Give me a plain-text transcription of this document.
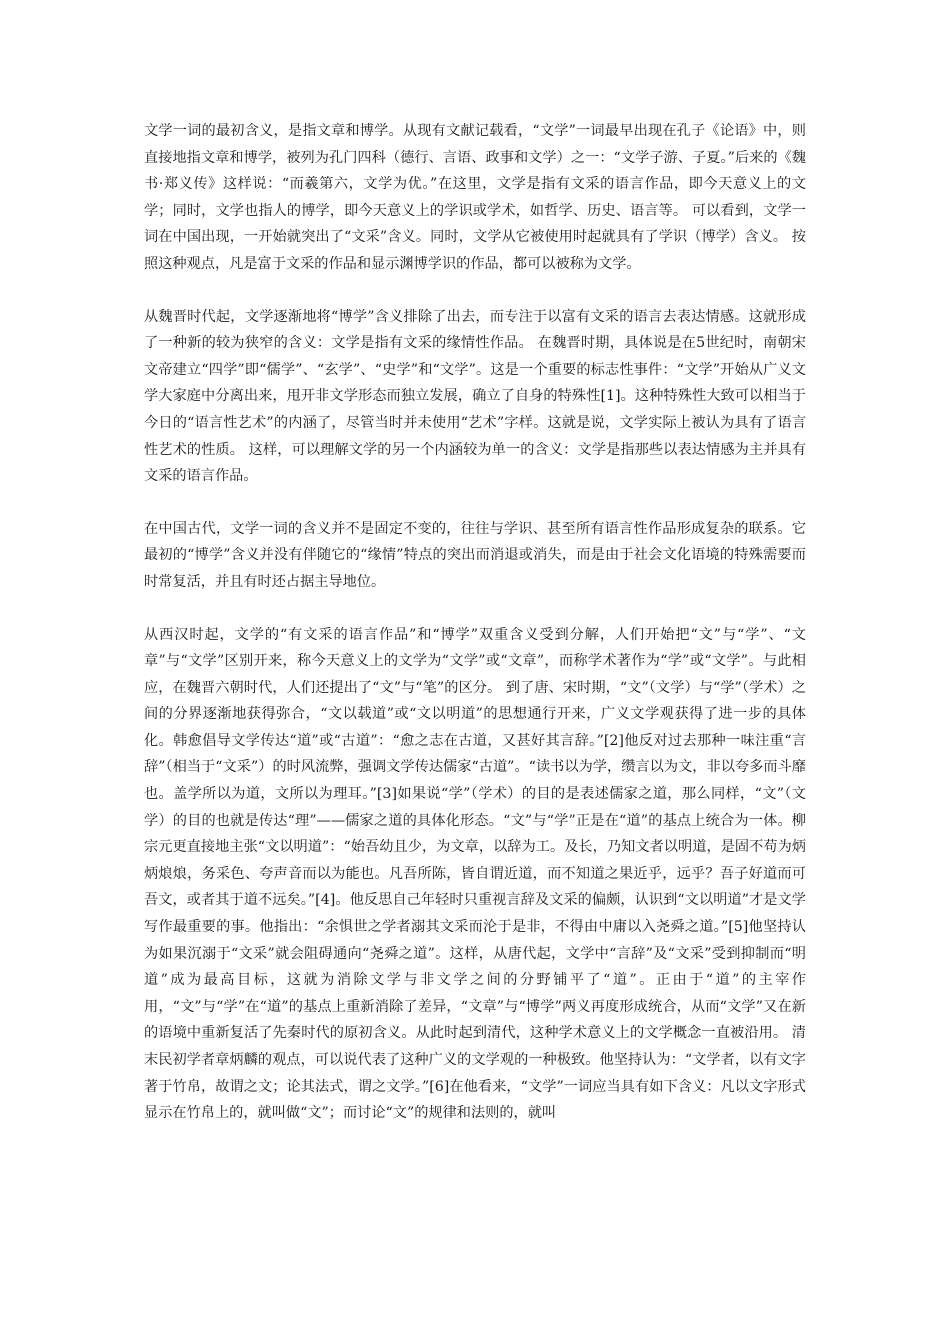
文学一词的最初含义，是指文章和博学。从现有文献记载看，“文学”一词最早出现在孔子《论语》中，则直接地指文章和博学，被列为孔门四科（德行、言语、政事和文学）之一：“文学子游、子夏。”后来的《魏书·郑义传》这样说：“而羲第六，文学为优。”在这里，文学是指有文采的语言作品，即今天意义上的文学；同时，文学也指人的博学，即今天意义上的学识或学术，如哲学、历史、语言等。 可以看到，文学一词在中国出现，一开始就突出了“文采”含义。同时，文学从它被使用时起就具有了学识（博学）含义。 按照这种观点，凡是富于文采的作品和显示渊博学识的作品，都可以被称为文学。

从魏晋时代起，文学逐渐地将“博学”含义排除了出去，而专注于以富有文采的语言去表达情感。这就形成了一种新的较为狭窄的含义：文学是指有文采的缘情性作品。 在魏晋时期，具体说是在5世纪时，南朝宋文帝建立“四学”即“儒学”、“玄学”、“史学”和“文学”。这是一个重要的标志性事件：“文学”开始从广义文学大家庭中分离出来，甩开非文学形态而独立发展，确立了自身的特殊性[1]。这种特殊性大致可以相当于今日的“语言性艺术”的内涵了，尽管当时并未使用“艺术”字样。这就是说，文学实际上被认为具有了语言性艺术的性质。 这样，可以理解文学的另一个内涵较为单一的含义：文学是指那些以表达情感为主并具有文采的语言作品。

在中国古代，文学一词的含义并不是固定不变的，往往与学识、甚至所有语言性作品形成复杂的联系。它最初的“博学”含义并没有伴随它的“缘情”特点的突出而消退或消失，而是由于社会文化语境的特殊需要而时常复活，并且有时还占据主导地位。

从西汉时起，文学的“有文采的语言作品”和“博学”双重含义受到分解，人们开始把“文”与“学”、“文章”与“文学”区别开来，称今天意义上的文学为“文学”或“文章”，而称学术著作为“学”或“文学”。与此相应，在魏晋六朝时代，人们还提出了“文”与“笔”的区分。 到了唐、宋时期，“文”（文学）与“学”（学术）之间的分界逐渐地获得弥合，“文以载道”或“文以明道”的思想通行开来，广义文学观获得了进一步的具体化。韩愈倡导文学传达“道”或“古道”：“愈之志在古道，又甚好其言辞。”[2]他反对过去那种一味注重“言辞”（相当于“文采”）的时风流弊，强调文学传达儒家“古道”。“读书以为学，缵言以为文，非以夸多而斗靡也。盖学所以为道，文所以为理耳。”[3]如果说“学”（学术）的目的是表述儒家之道，那么同样，“文”（文学）的目的也就是传达“理”——儒家之道的具体化形态。“文”与“学”正是在“道”的基点上统合为一体。柳宗元更直接地主张“文以明道”：“始吾幼且少，为文章，以辞为工。及长，乃知文者以明道，是固不苟为炳炳烺烺，务采色、夸声音而以为能也。凡吾所陈，皆自谓近道，而不知道之果近乎，远乎？吾子好道而可吾文，或者其于道不远矣。”[4]。他反思自己年轻时只重视言辞及文采的偏颇，认识到“文以明道”才是文学写作最重要的事。他指出：“余惧世之学者溺其文采而沦于是非，不得由中庸以入尧舜之道。”[5]他坚持认为如果沉溺于“文采”就会阻碍通向“尧舜之道”。这样，从唐代起，文学中“言辞”及“文采”受到抑制而“明道”成为最高目标，这就为消除文学与非文学之间的分野铺平了“道”。正由于“道”的主宰作用，“文”与“学”在“道”的基点上重新消除了差异，“文章”与“博学”两义再度形成统合，从而“文学”又在新的语境中重新复活了先秦时代的原初含义。从此时起到清代，这种学术意义上的文学概念一直被沿用。 清末民初学者章炳麟的观点，可以说代表了这种广义的文学观的一种极致。他坚持认为：“文学者，以有文字著于竹帛，故谓之文；论其法式，谓之文学。”[6]在他看来，“文学”一词应当具有如下含义：凡以文字形式显示在竹帛上的，就叫做“文”；而讨论“文”的规律和法则的，就叫
